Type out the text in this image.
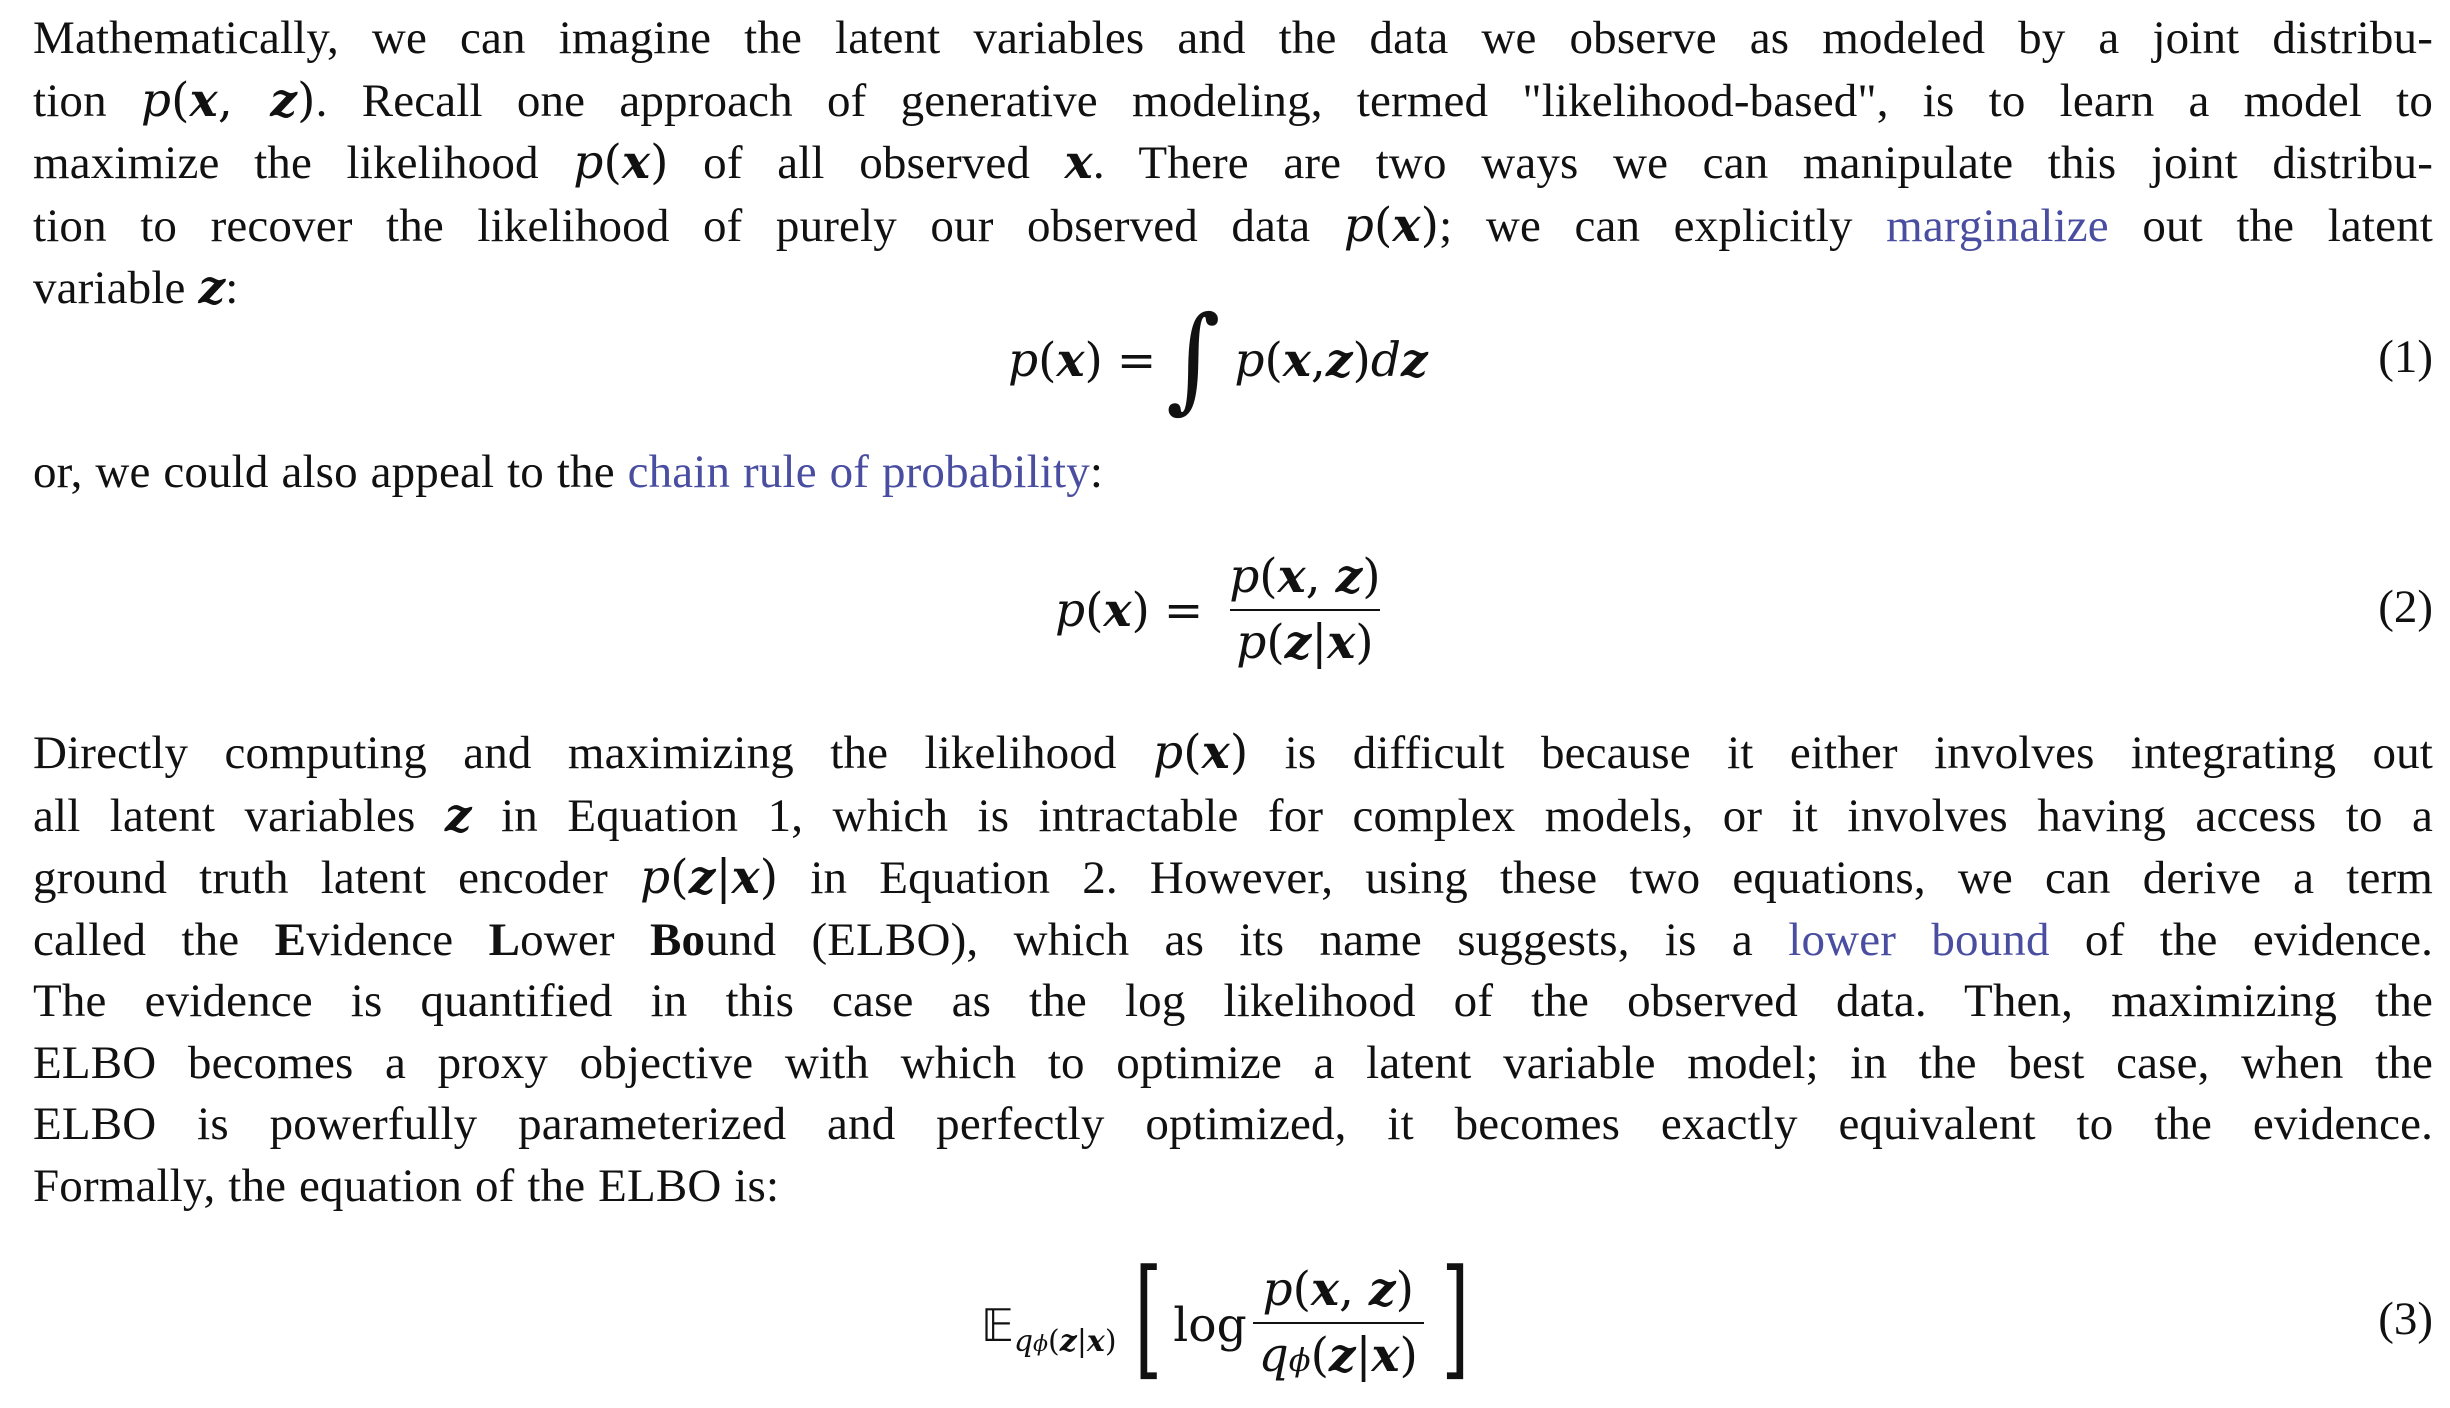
Mathematically, we can imagine the latent variables and the data we observe as modeled by a joint distribu-

tion p(x, z). Recall one approach of generative modeling, termed "likelihood-based", is to learn a model to

maximize the likelihood p(x) of all observed x. There are two ways we can manipulate this joint distribu-

tion to recover the likelihood of purely our observed data p(x); we can explicitly marginalize out the latent

variable z:

p ( x ) = ∫ p ( x , z ) d z	(1)

or, we could also appeal to the chain rule of probability:

p ( x ) = $\frac{p(x, z)}{p(z|x)}$	(2)

Directly computing and maximizing the likelihood p(x) is difficult because it either involves integrating out

all latent variables z in Equation 1, which is intractable for complex models, or it involves having access to a

ground truth latent encoder p(z|x) in Equation 2. However, using these two equations, we can derive a term

called the Evidence Lower Bound (ELBO), which as its name suggests, is a lower bound of the evidence.

The evidence is quantified in this case as the log likelihood of the observed data. Then, maximizing the

ELBO becomes a proxy objective with which to optimize a latent variable model; in the best case, when the

ELBO is powerfully parameterized and perfectly optimized, it becomes exactly equivalent to the evidence.

Formally, the equation of the ELBO is:

𝔼 qϕ(z|x) [ $\log \frac{p(x, z)}{q\phi(z|x)}$ ]	(3)
